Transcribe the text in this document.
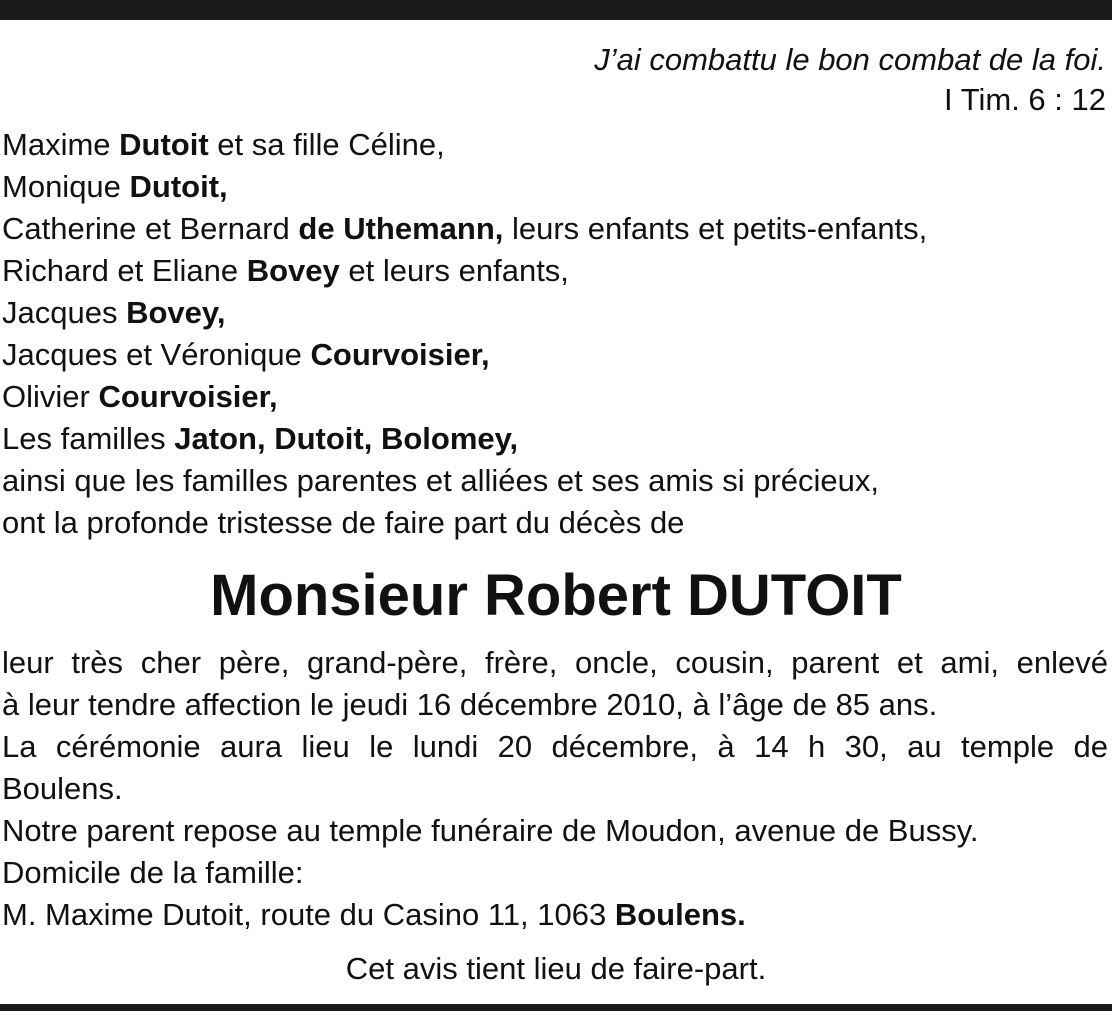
J’ai combattu le bon combat de la foi.
I Tim. 6 : 12
Maxime Dutoit et sa fille Céline,
Monique Dutoit,
Catherine et Bernard de Uthemann, leurs enfants et petits-enfants,
Richard et Eliane Bovey et leurs enfants,
Jacques Bovey,
Jacques et Véronique Courvoisier,
Olivier Courvoisier,
Les familles Jaton, Dutoit, Bolomey,
ainsi que les familles parentes et alliées et ses amis si précieux,
ont la profonde tristesse de faire part du décès de
Monsieur Robert DUTOIT
leur très cher père, grand-père, frère, oncle, cousin, parent et ami, enlevé
à leur tendre affection le jeudi 16 décembre 2010, à l’âge de 85 ans.
La cérémonie aura lieu le lundi 20 décembre, à 14 h 30, au temple de
Boulens.
Notre parent repose au temple funéraire de Moudon, avenue de Bussy.
Domicile de la famille:
M. Maxime Dutoit, route du Casino 11, 1063 Boulens.
Cet avis tient lieu de faire-part.
